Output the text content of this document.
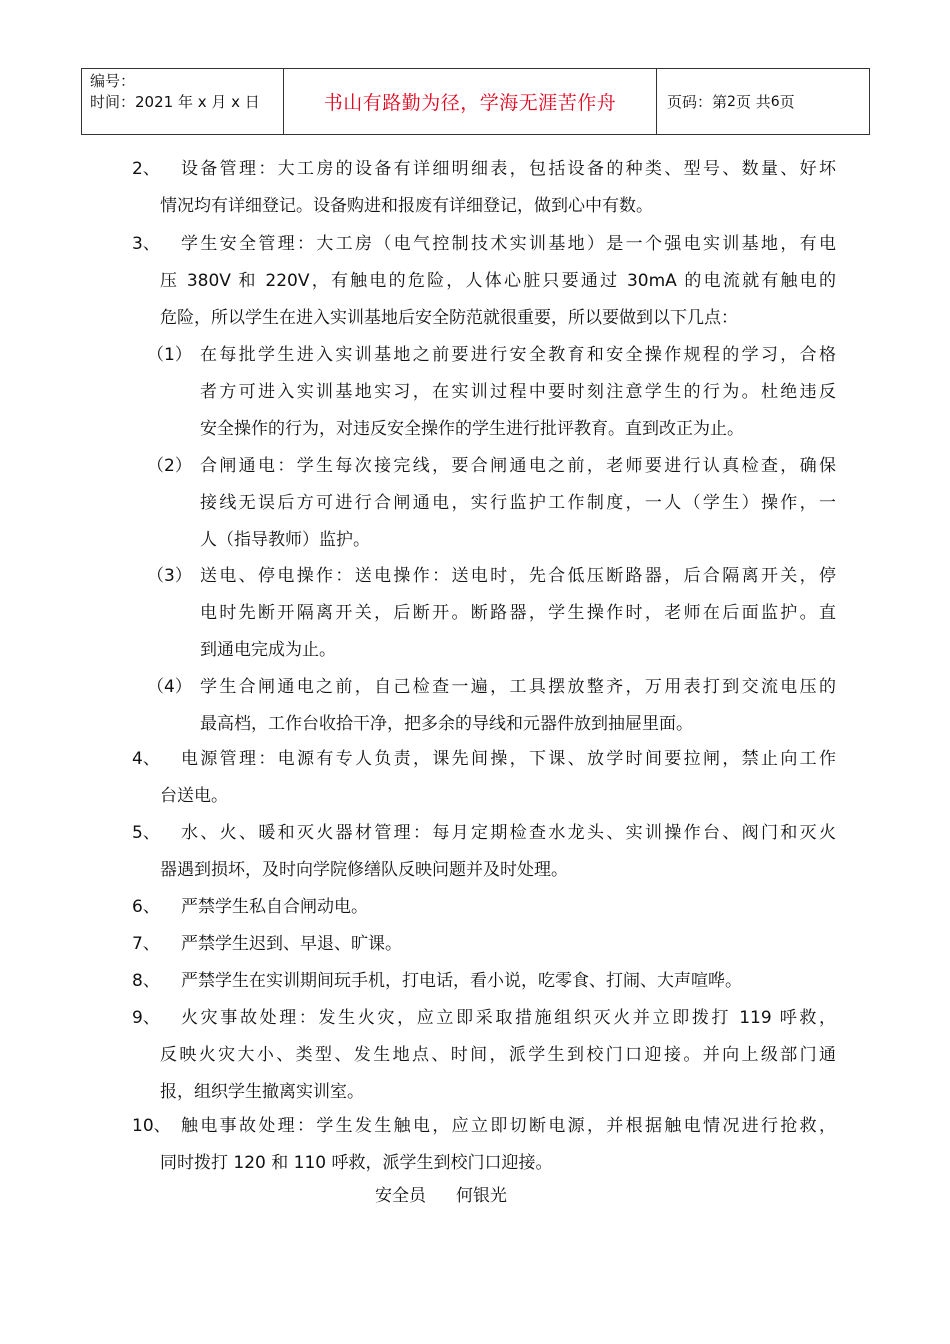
编号：
时间：2021 年 x 月 x 日	书山有路勤为径，学海无涯苦作舟	页码：第 2 页 共 6 页
2、	设备管理：大工房的设备有详细明细表，包括设备的种类、型号、数量、好坏
情况均有详细登记。设备购进和报废有详细登记，做到心中有数。
3、	学生安全管理：大工房（电气控制技术实训基地）是一个强电实训基地，有电
压 380V 和 220V，有触电的危险，人体心脏只要通过 30mA 的电流就有触电的
危险，所以学生在进入实训基地后安全防范就很重要，所以要做到以下几点：
（1） 在每批学生进入实训基地之前要进行安全教育和安全操作规程的学习，合格
者方可进入实训基地实习，在实训过程中要时刻注意学生的行为。杜绝违反
安全操作的行为，对违反安全操作的学生进行批评教育。直到改正为止。
（2） 合闸通电：学生每次接完线，要合闸通电之前，老师要进行认真检查，确保
接线无误后方可进行合闸通电，实行监护工作制度，一人（学生）操作，一
人（指导教师）监护。
（3） 送电、停电操作：送电操作：送电时，先合低压断路器，后合隔离开关，停
电时先断开隔离开关，后断开。断路器，学生操作时，老师在后面监护。直
到通电完成为止。
（4） 学生合闸通电之前，自己检查一遍，工具摆放整齐，万用表打到交流电压的
最高档，工作台收拾干净，把多余的导线和元器件放到抽屉里面。
4、	电源管理：电源有专人负责，课先间操，下课、放学时间要拉闸，禁止向工作
台送电。
5、	水、火、暖和灭火器材管理：每月定期检查水龙头、实训操作台、阀门和灭火
器遇到损坏，及时向学院修缮队反映问题并及时处理。
6、	严禁学生私自合闸动电。
7、	严禁学生迟到、早退、旷课。
8、	严禁学生在实训期间玩手机，打电话，看小说，吃零食、打闹、大声喧哗。
9、	火灾事故处理：发生火灾，应立即采取措施组织灭火并立即拨打 119 呼救，
反映火灾大小、类型、发生地点、时间，派学生到校门口迎接。并向上级部门通
报，组织学生撤离实训室。
10、 触电事故处理：学生发生触电，应立即切断电源，并根据触电情况进行抢救，
同时拨打 120 和 110 呼救，派学生到校门口迎接。
安全员 何银光
